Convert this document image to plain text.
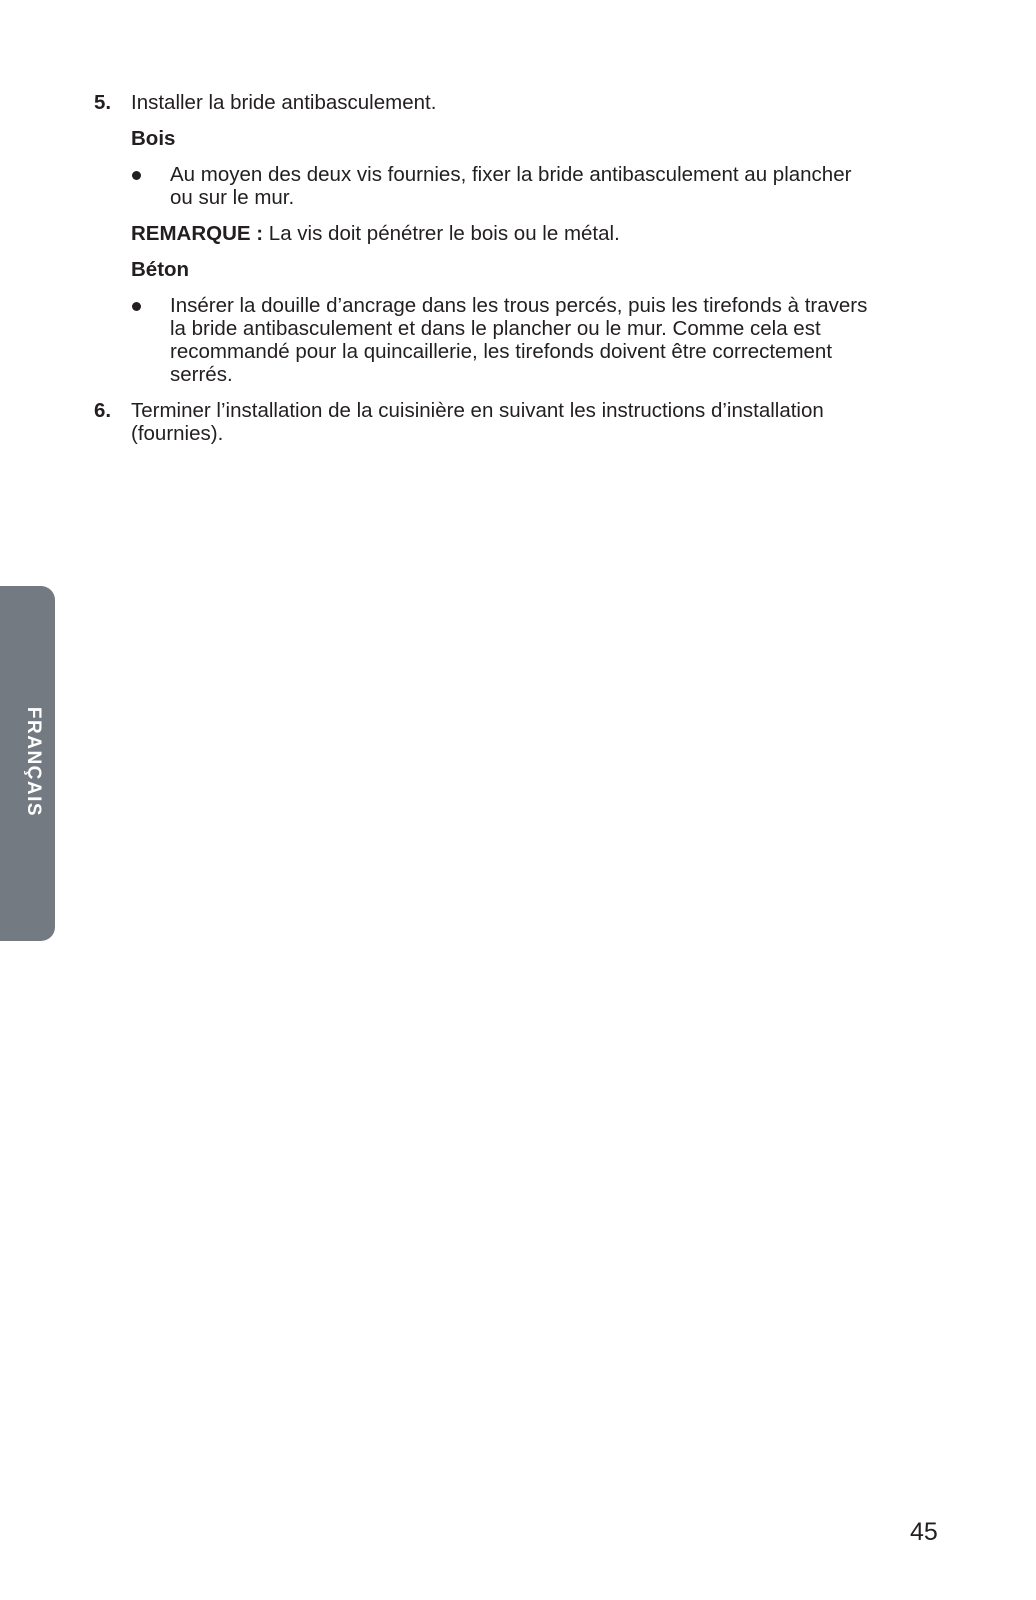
5. Installer la bride antibasculement.
Bois
Au moyen des deux vis fournies, fixer la bride antibasculement au plancher
ou sur le mur.
REMARQUE : La vis doit pénétrer le bois ou le métal.
Béton
Insérer la douille d’ancrage dans les trous percés, puis les tirefonds à travers
la bride antibasculement et dans le plancher ou le mur. Comme cela est
recommandé pour la quincaillerie, les tirefonds doivent être correctement
serrés.
6. Terminer l’installation de la cuisinière en suivant les instructions d’installation
(fournies).
FRANÇAIS
45
